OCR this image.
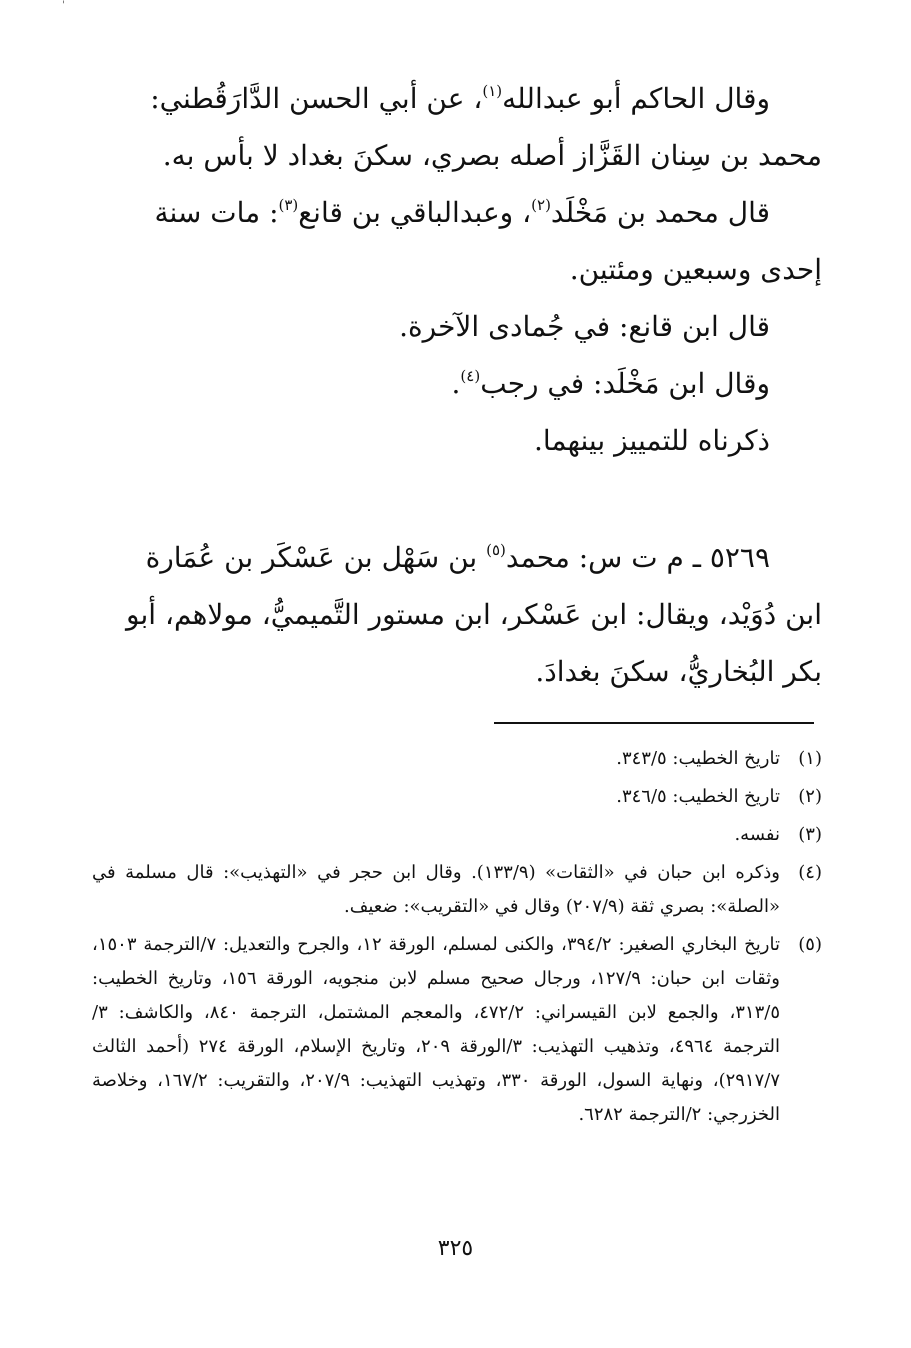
'

وقال الحاكم أبو عبدالله$^{(١)}$، عن أبي الحسن الدَّارَقُطني:

محمد بن سِنان القَزَّاز أصله بصري، سكنَ بغداد لا بأس به.

قال محمد بن مَخْلَد$^{(٢)}$، وعبدالباقي بن قانع$^{(٣)}$: مات سنة

إحدى وسبعين ومئتين.

قال ابن قانع: في جُمادى الآخرة.

وقال ابن مَخْلَد: في رجب$^{(٤)}$.

ذكرناه للتمييز بينهما.

٥٢٦٩ ـ م ت س: محمد$^{(٥)}$ بن سَهْل بن عَسْكَر بن عُمَارة

ابن دُوَيْد، ويقال: ابن عَسْكر، ابن مستور التَّميميُّ، مولاهم، أبو

بكر البُخاريُّ، سكنَ بغدادَ.

(١)
تاريخ الخطيب: ٣٤٣/٥.
(٢)
تاريخ الخطيب: ٣٤٦/٥.
(٣)
نفسه.
(٤)
وذكره ابن حبان في «الثقات» (١٣٣/٩). وقال ابن حجر في «التهذيب»: قال مسلمة في «الصلة»: بصري ثقة (٢٠٧/٩) وقال في «التقريب»: ضعيف.
(٥)
تاريخ البخاري الصغير: ٣٩٤/٢، والكنى لمسلم، الورقة ١٢، والجرح والتعديل: ٧/الترجمة ١٥٠٣، وثقات ابن حبان: ١٢٧/٩، ورجال صحيح مسلم لابن منجويه، الورقة ١٥٦، وتاريخ الخطيب: ٣١٣/٥، والجمع لابن القيسراني: ٤٧٢/٢، والمعجم المشتمل، الترجمة ٨٤٠، والكاشف: ٣/الترجمة ٤٩٦٤، وتذهيب التهذيب: ٣/الورقة ٢٠٩، وتاريخ الإسلام، الورقة ٢٧٤ (أحمد الثالث ٢٩١٧/٧)، ونهاية السول، الورقة ٣٣٠، وتهذيب التهذيب: ٢٠٧/٩، والتقريب: ١٦٧/٢، وخلاصة الخزرجي: ٢/الترجمة ٦٢٨٢.
٣٢٥
